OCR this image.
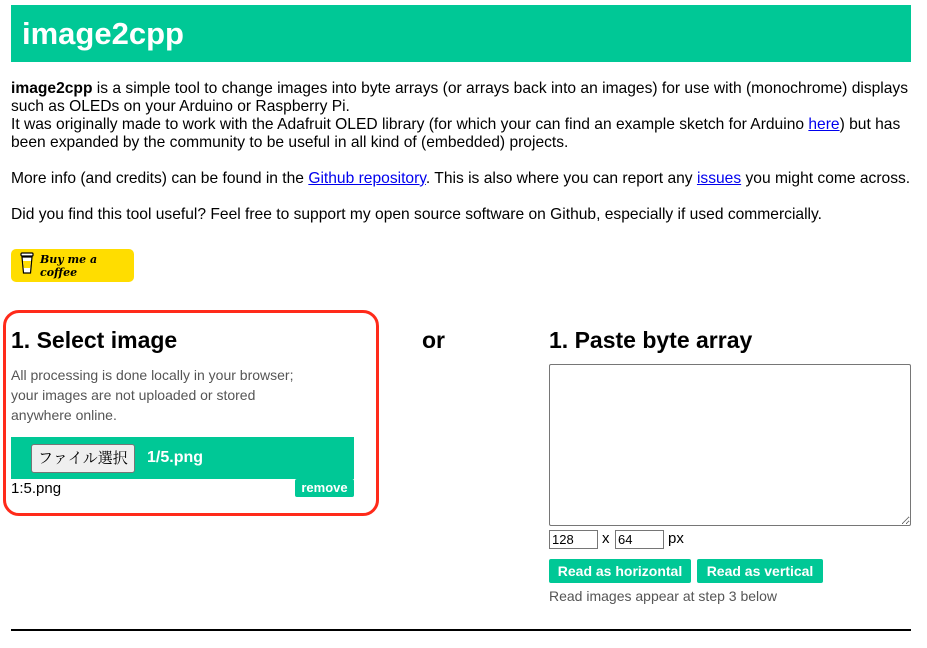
image2cpp

image2cpp is a simple tool to change images into byte arrays (or arrays back into an images) for use with (monochrome) displays such as OLEDs on your Arduino or Raspberry Pi.

It was originally made to work with the Adafruit OLED library (for which your can find an example sketch for Arduino here) but has been expanded by the community to be useful in all kind of (embedded) projects.

More info (and credits) can be found in the Github repository. This is also where you can report any issues you might come across.

Did you find this tool useful? Feel free to support my open source software on Github, especially if used commercially.

Buy me a coffee
1. Select image
All processing is done locally in your browser;
your images are not uploaded or stored
anywhere online.
ファイル選択	1/5.png
1:5.png	remove
or	1. Paste byte array
128
x
64	px
Read as horizontal	Read as vertical
Read images appear at step 3 below
